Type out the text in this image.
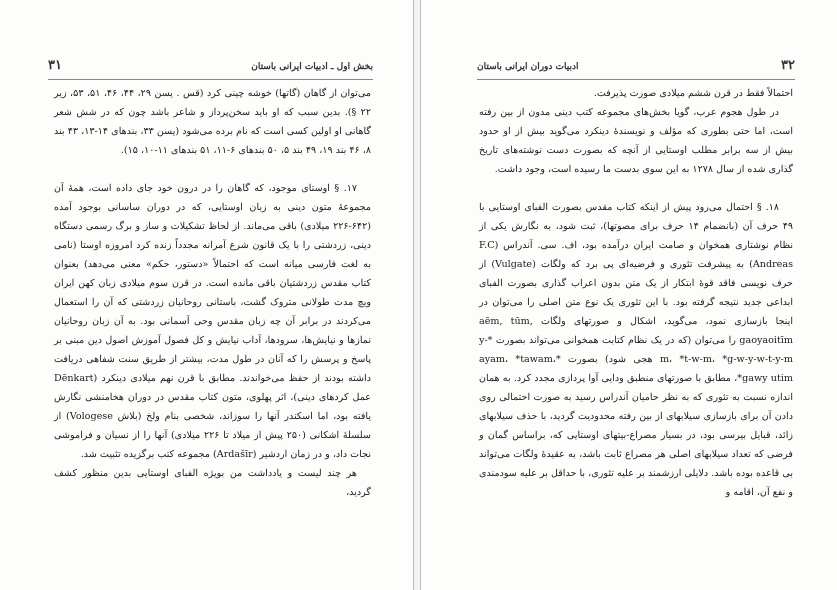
۳۱	بخش اول ـ ادبیات ایرانی باستان

می‌توان از گاهان (گاتها) خوشه چینی کرد (قس . یسن ۲۹، ۴۴، ۴۶، ۵۱، ۵۳، زیر ۲۲ ‎§‎). بدین سبب که او باید سخن‌پرداز و شاعر باشد چون که در شش شعر گاهانی او اولین کسی است که نام برده می‌شود (یسن ۳۳، بندهای ۱۴-۱۳، ۴۳ بند ۸، ۴۶ بند ۱۹، ۴۹ بند ۵، ۵۰ بندهای ۶-۱۱، ۵۱ بندهای ۱۱-۱۰، ۱۵).

۱۷. ‎§‎ اوستای موجود، که گاهان را در درون خود جای داده است، همهٔ آن مجموعهٔ متون دینی به زبان اوستایی، که در دوران ساسانی بوجود آمده (۶۴۲-۲۲۶ میلادی) باقی می‌ماند. از لحاظ تشکیلات و ساز و برگ رسمی دستگاه دینی، زردشتی را با یک قانون شرع آمرانه مجدداً زنده کرد امروزه اوستا (نامی به لغت فارسی میانه است که احتمالاً «دستور، حکم» معنی می‌دهد) بعنوان کتاب مقدس زردشتیان باقی مانده است. در قرن سوم میلادی زبان کهن ایران ویچ مدت طولانی متروک گشت، باستانی روحانیان زردشتی که آن را استعمال می‌کردند در برابر آن چه زبان مقدس وحی آسمانی بود. به آن زبان روحانیان نمازها و نیایش‌ها، سرودها، آداب نیایش و کل فصول آموزش اصول دین مبنی بر پاسخ و پرسش را که آنان در طول مدت، بیشتر از طریق سنت شفاهی دریافت داشته بودند از حفظ می‌خواندند. مطابق با قرن نهم میلادی دینکرد (Dēnkart عمل کردهای دینی)، اثر پهلوی، متون کتاب مقدس در دوران هخامنشی نگارش یافته بود، اما اسکندر آنها را سوزاند، شخصی بنام ولخ (بلاش Vologese) از سلسلهٔ اشکانی (۲۵۰ پیش از میلاد تا ۲۲۶ میلادی) آنها را از نسیان و فراموشی نجات داد، و در زمان اردشیر (Ardašīr) مجموعه کتب برگزیده تثبیت شد.

هر چند لیست و یادداشت من بویژه الفبای اوستایی بدین منظور کشف گردید،

ادبیات دوران ایرانی باستان	۳۲

احتمالاً فقط در قرن ششم میلادی صورت پذیرفت.

در طول هجوم عرب، گویا بخش‌های مجموعه کتب دینی مدون از بین رفته است، اما حتی بطوری که مؤلف و نویسندهٔ دینکرد می‌گوید بیش از او حدود بیش از سه برابر مطلب اوستایی از آنچه که بصورت دست نوشته‌های تاریخ گذاری شده از سال ۱۲۷۸ به این سوی بدست ما رسیده است، وجود داشت.

۱۸. ‎§‎ احتمال می‌رود پیش از اینکه کتاب مقدس بصورت الفبای اوستایی با ۴۹ حرف آن (بانضمام ۱۴ حرف برای مصوتها)، ثبت شود، به نگارش یکی از نظام نوشتاری همخوان و صامت ایران درآمده بود، اف. سی. آندراس (F.C Andreas) به پیشرفت تئوری و فرضیه‌ای پی برد که ولگات (Vulgate) از حرف نویسی فاقد قوهٔ ابتکار از یک متن بدون اعراب گذاری بصورت الفبای ابداعی جدید نتیجه گرفته بود. با این تئوری یک نوع متن اصلی را می‌توان در اینجا بازسازی نمود، می‌گوید، اشکال و صورتهای ولگات aēm, tūm, gaoyaoitīm را می‌توان (که در یک نظام کتابت همخوانی می‌تواند بصورت *y-m، *t-w-m، *g-w-y-w-t-y-m هجی شود) بصورت *ayam، *tawam، *gawy utim، مطابق با صورتهای منطبق ودایی آوا پردازی مجدد کرد. به همان اندازه نسبت به تئوری که به نظر حامیان آندراس رسید به صورت احتمالی روی دادن آن برای بازسازی سیلابهای از بین رفته محدودیت گردید، با حذف سیلابهای زائد، قبایل بیرسی بود، در بسیار مصراع-بیتهای اوستایی که، براساس گمان و فرضی که تعداد سیلابهای اصلی هر مصراع ثابت باشد، به عقیدهٔ ولگات می‌تواند بی قاعده بوده باشد. دلایلی ارزشمند بر علیه تئوری، با حداقل بر علیه سودمندی و نفع آن، اقامه و
